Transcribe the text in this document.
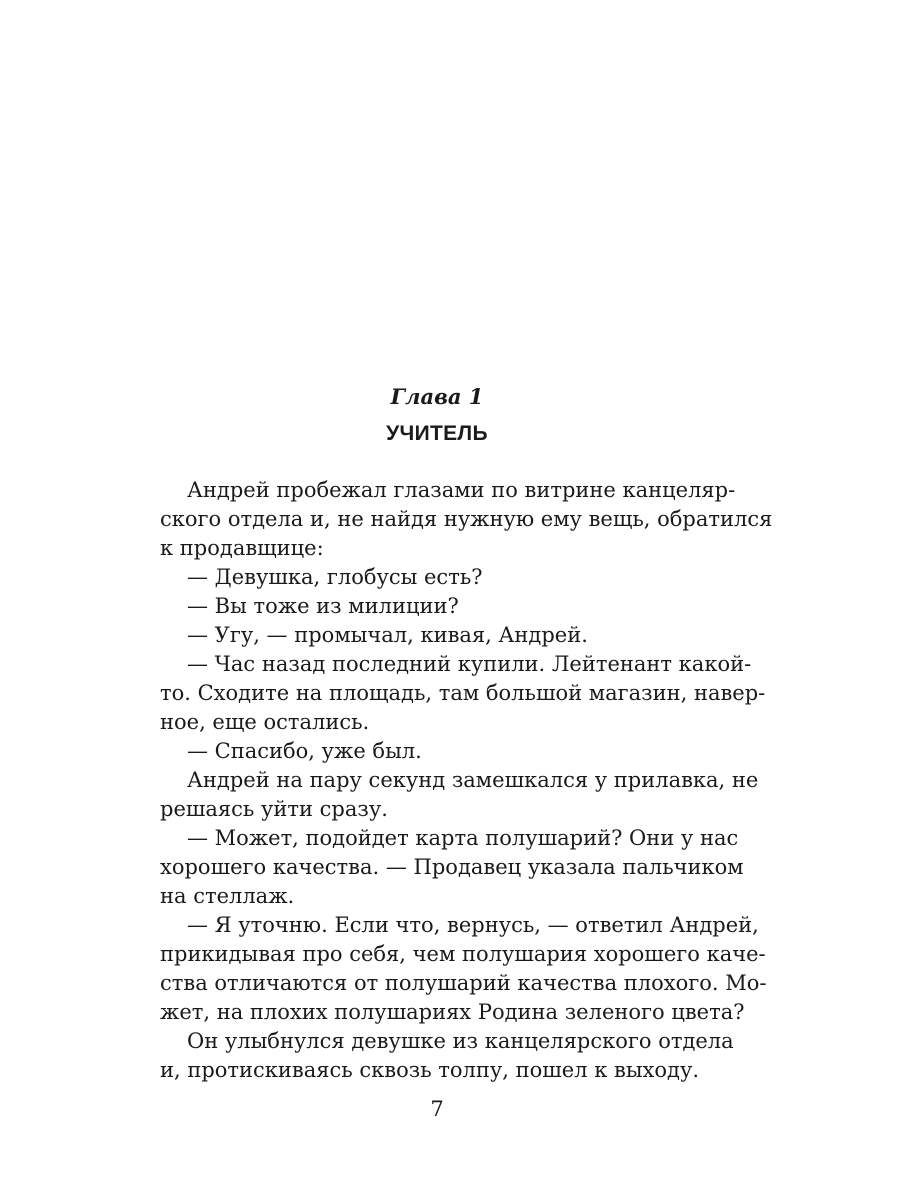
Глава 1
УЧИТЕЛЬ
Андрей пробежал глазами по витрине канцеляр-
ского отдела и, не найдя нужную ему вещь, обратился
к продавщице:
— Девушка, глобусы есть?
— Вы тоже из милиции?
— Угу, — промычал, кивая, Андрей.
— Час назад последний купили. Лейтенант какой-
то. Сходите на площадь, там большой магазин, навер-
ное, еще остались.
— Спасибо, уже был.
Андрей на пару секунд замешкался у прилавка, не
решаясь уйти сразу.
— Может, подойдет карта полушарий? Они у нас
хорошего качества. — Продавец указала пальчиком
на стеллаж.
— Я уточню. Если что, вернусь, — ответил Андрей,
прикидывая про себя, чем полушария хорошего каче-
ства отличаются от полушарий качества плохого. Мо-
жет, на плохих полушариях Родина зеленого цвета?
Он улыбнулся девушке из канцелярского отдела
и, протискиваясь сквозь толпу, пошел к выходу.
7
